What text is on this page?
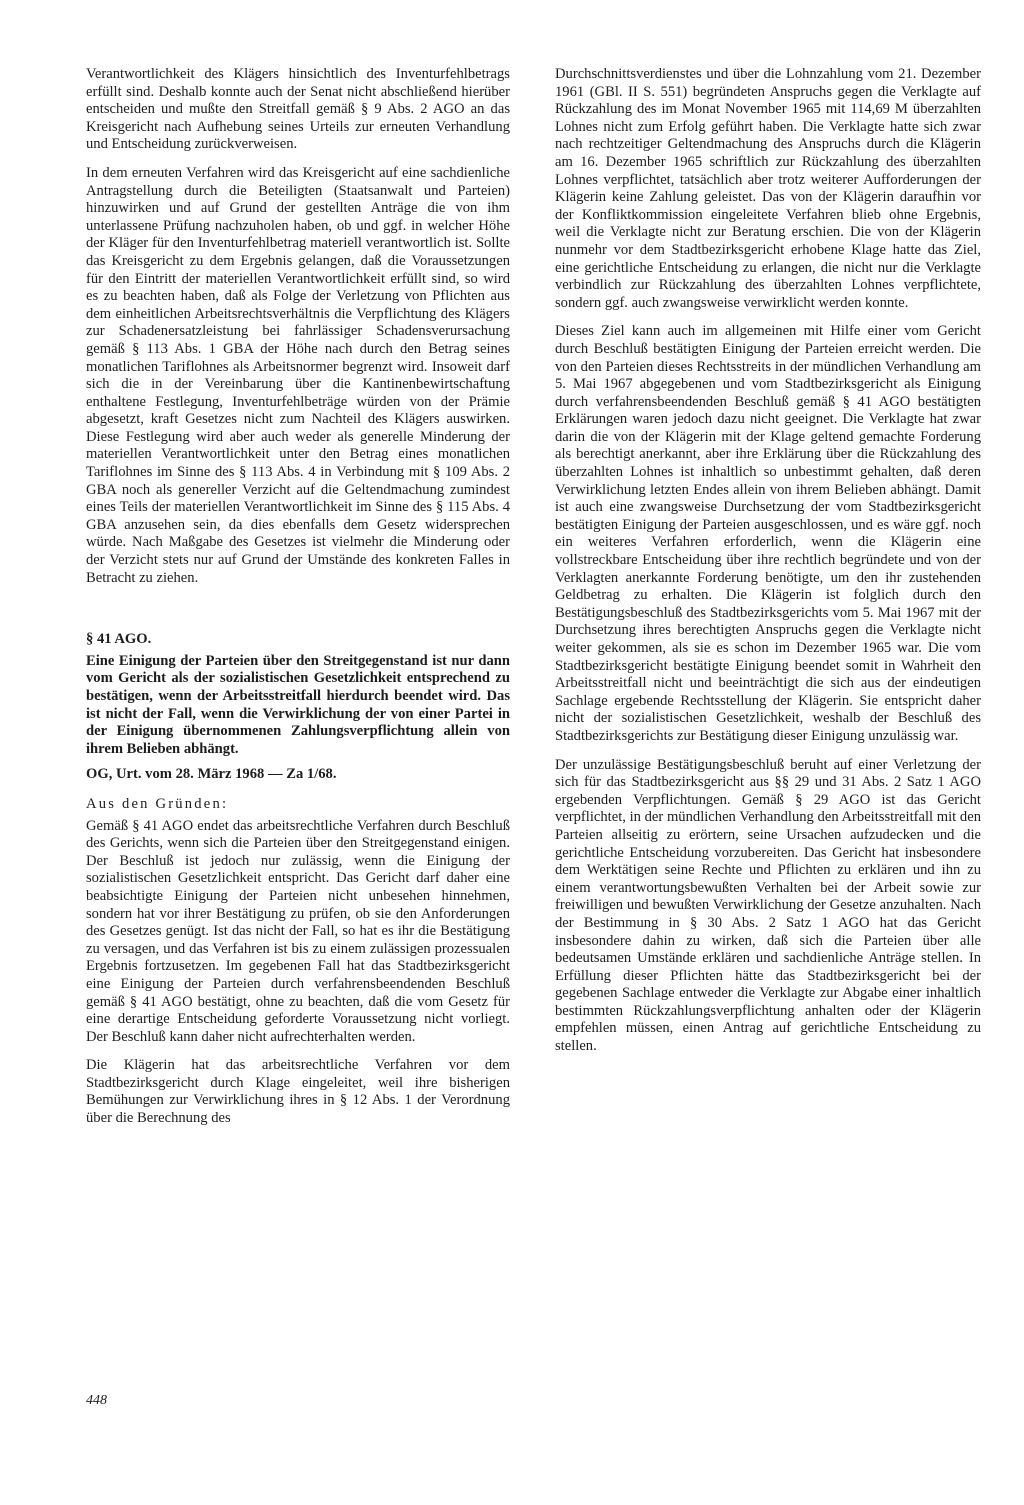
Verantwortlichkeit des Klägers hinsichtlich des Inventurfehlbetrags erfüllt sind. Deshalb konnte auch der Senat nicht abschließend hierüber entscheiden und mußte den Streitfall gemäß § 9 Abs. 2 AGO an das Kreisgericht nach Aufhebung seines Urteils zur erneuten Verhandlung und Entscheidung zurückverweisen.

In dem erneuten Verfahren wird das Kreisgericht auf eine sachdienliche Antragstellung durch die Beteiligten (Staatsanwalt und Parteien) hinzuwirken und auf Grund der gestellten Anträge die von ihm unterlassene Prüfung nachzuholen haben, ob und ggf. in welcher Höhe der Kläger für den Inventurfehlbetrag materiell verantwortlich ist. Sollte das Kreisgericht zu dem Ergebnis gelangen, daß die Voraussetzungen für den Eintritt der materiellen Verantwortlichkeit erfüllt sind, so wird es zu beachten haben, daß als Folge der Verletzung von Pflichten aus dem einheitlichen Arbeitsrechtsverhältnis die Verpflichtung des Klägers zur Schadenersatzleistung bei fahrlässiger Schadensverursachung gemäß § 113 Abs. 1 GBA der Höhe nach durch den Betrag seines monatlichen Tariflohnes als Arbeitsnormer begrenzt wird. Insoweit darf sich die in der Vereinbarung über die Kantinenbewirtschaftung enthaltene Festlegung, Inventurfehlbeträge würden von der Prämie abgesetzt, kraft Gesetzes nicht zum Nachteil des Klägers auswirken. Diese Festlegung wird aber auch weder als generelle Minderung der materiellen Verantwortlichkeit unter den Betrag eines monatlichen Tariflohnes im Sinne des § 113 Abs. 4 in Verbindung mit § 109 Abs. 2 GBA noch als genereller Verzicht auf die Geltendmachung zumindest eines Teils der materiellen Verantwortlichkeit im Sinne des § 115 Abs. 4 GBA anzusehen sein, da dies ebenfalls dem Gesetz widersprechen würde. Nach Maßgabe des Gesetzes ist vielmehr die Minderung oder der Verzicht stets nur auf Grund der Umstände des konkreten Falles in Betracht zu ziehen.

§ 41 AGO.

Eine Einigung der Parteien über den Streitgegenstand ist nur dann vom Gericht als der sozialistischen Gesetzlichkeit entsprechend zu bestätigen, wenn der Arbeitsstreitfall hierdurch beendet wird. Das ist nicht der Fall, wenn die Verwirklichung der von einer Partei in der Einigung übernommenen Zahlungsverpflichtung allein von ihrem Belieben abhängt.

OG, Urt. vom 28. März 1968 — Za 1/68.

Aus den Gründen:

Gemäß § 41 AGO endet das arbeitsrechtliche Verfahren durch Beschluß des Gerichts, wenn sich die Parteien über den Streitgegenstand einigen. Der Beschluß ist jedoch nur zulässig, wenn die Einigung der sozialistischen Gesetzlichkeit entspricht. Das Gericht darf daher eine beabsichtigte Einigung der Parteien nicht unbesehen hinnehmen, sondern hat vor ihrer Bestätigung zu prüfen, ob sie den Anforderungen des Gesetzes genügt. Ist das nicht der Fall, so hat es ihr die Bestätigung zu versagen, und das Verfahren ist bis zu einem zulässigen prozessualen Ergebnis fortzusetzen. Im gegebenen Fall hat das Stadtbezirksgericht eine Einigung der Parteien durch verfahrensbeendenden Beschluß gemäß § 41 AGO bestätigt, ohne zu beachten, daß die vom Gesetz für eine derartige Entscheidung geforderte Voraussetzung nicht vorliegt. Der Beschluß kann daher nicht aufrechterhalten werden.

Die Klägerin hat das arbeitsrechtliche Verfahren vor dem Stadtbezirksgericht durch Klage eingeleitet, weil ihre bisherigen Bemühungen zur Verwirklichung ihres in § 12 Abs. 1 der Verordnung über die Berechnung des

Durchschnittsverdienstes und über die Lohnzahlung vom 21. Dezember 1961 (GBl. II S. 551) begründeten Anspruchs gegen die Verklagte auf Rückzahlung des im Monat November 1965 mit 114,69 M überzahlten Lohnes nicht zum Erfolg geführt haben. Die Verklagte hatte sich zwar nach rechtzeitiger Geltendmachung des Anspruchs durch die Klägerin am 16. Dezember 1965 schriftlich zur Rückzahlung des überzahlten Lohnes verpflichtet, tatsächlich aber trotz weiterer Aufforderungen der Klägerin keine Zahlung geleistet. Das von der Klägerin daraufhin vor der Konfliktkommission eingeleitete Verfahren blieb ohne Ergebnis, weil die Verklagte nicht zur Beratung erschien. Die von der Klägerin nunmehr vor dem Stadtbezirksgericht erhobene Klage hatte das Ziel, eine gerichtliche Entscheidung zu erlangen, die nicht nur die Verklagte verbindlich zur Rückzahlung des überzahlten Lohnes verpflichtete, sondern ggf. auch zwangsweise verwirklicht werden konnte.

Dieses Ziel kann auch im allgemeinen mit Hilfe einer vom Gericht durch Beschluß bestätigten Einigung der Parteien erreicht werden. Die von den Parteien dieses Rechtsstreits in der mündlichen Verhandlung am 5. Mai 1967 abgegebenen und vom Stadtbezirksgericht als Einigung durch verfahrensbeendenden Beschluß gemäß § 41 AGO bestätigten Erklärungen waren jedoch dazu nicht geeignet. Die Verklagte hat zwar darin die von der Klägerin mit der Klage geltend gemachte Forderung als berechtigt anerkannt, aber ihre Erklärung über die Rückzahlung des überzahlten Lohnes ist inhaltlich so unbestimmt gehalten, daß deren Verwirklichung letzten Endes allein von ihrem Belieben abhängt. Damit ist auch eine zwangsweise Durchsetzung der vom Stadtbezirksgericht bestätigten Einigung der Parteien ausgeschlossen, und es wäre ggf. noch ein weiteres Verfahren erforderlich, wenn die Klägerin eine vollstreckbare Entscheidung über ihre rechtlich begründete und von der Verklagten anerkannte Forderung benötigte, um den ihr zustehenden Geldbetrag zu erhalten. Die Klägerin ist folglich durch den Bestätigungsbeschluß des Stadtbezirksgerichts vom 5. Mai 1967 mit der Durchsetzung ihres berechtigten Anspruchs gegen die Verklagte nicht weiter gekommen, als sie es schon im Dezember 1965 war. Die vom Stadtbezirksgericht bestätigte Einigung beendet somit in Wahrheit den Arbeitsstreitfall nicht und beeinträchtigt die sich aus der eindeutigen Sachlage ergebende Rechtsstellung der Klägerin. Sie entspricht daher nicht der sozialistischen Gesetzlichkeit, weshalb der Beschluß des Stadtbezirksgerichts zur Bestätigung dieser Einigung unzulässig war.

Der unzulässige Bestätigungsbeschluß beruht auf einer Verletzung der sich für das Stadtbezirksgericht aus §§ 29 und 31 Abs. 2 Satz 1 AGO ergebenden Verpflichtungen. Gemäß § 29 AGO ist das Gericht verpflichtet, in der mündlichen Verhandlung den Arbeitsstreitfall mit den Parteien allseitig zu erörtern, seine Ursachen aufzudecken und die gerichtliche Entscheidung vorzubereiten. Das Gericht hat insbesondere dem Werktätigen seine Rechte und Pflichten zu erklären und ihn zu einem verantwortungsbewußten Verhalten bei der Arbeit sowie zur freiwilligen und bewußten Verwirklichung der Gesetze anzuhalten. Nach der Bestimmung in § 30 Abs. 2 Satz 1 AGO hat das Gericht insbesondere dahin zu wirken, daß sich die Parteien über alle bedeutsamen Umstände erklären und sachdienliche Anträge stellen. In Erfüllung dieser Pflichten hätte das Stadtbezirksgericht bei der gegebenen Sachlage entweder die Verklagte zur Abgabe einer inhaltlich bestimmten Rückzahlungsverpflichtung anhalten oder der Klägerin empfehlen müssen, einen Antrag auf gerichtliche Entscheidung zu stellen.

448
